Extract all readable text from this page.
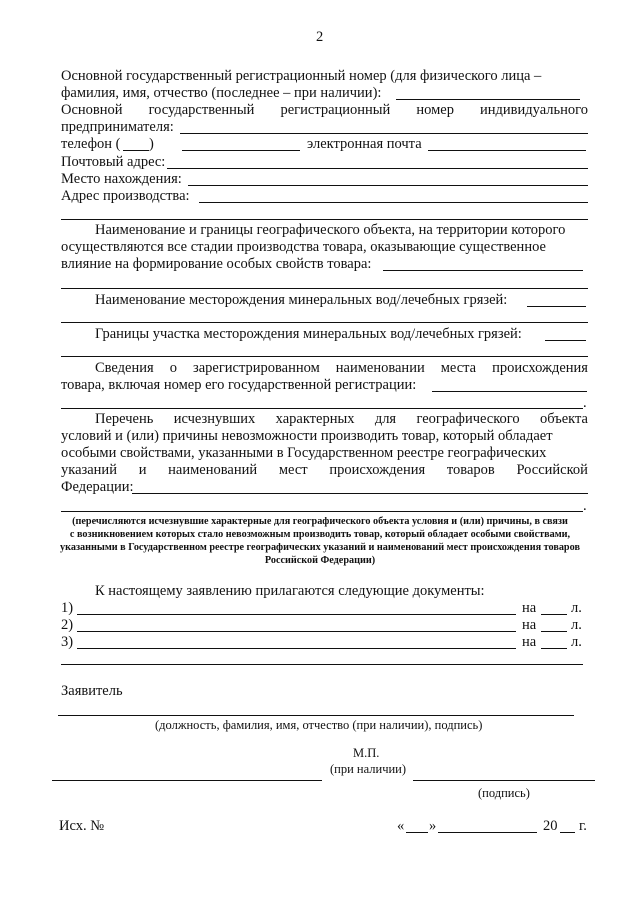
2
Основной государственный регистрационный номер (для физического лица –
фамилия, имя, отчество (последнее – при наличии):
Основной государственный регистрационный номер индивидуального
предпринимателя:
телефон ( )	электронная почта
Почтовый адрес:
Место нахождения:
Адрес производства:
Наименование и границы географического объекта, на территории которого
осуществляются все стадии производства товара, оказывающие существенное
влияние на формирование особых свойств товара:
Наименование месторождения минеральных вод/лечебных грязей:
Границы участка месторождения минеральных вод/лечебных грязей:
Сведения о зарегистрированном наименовании места происхождения
товара, включая номер его государственной регистрации:
.
Перечень исчезнувших характерных для географического объекта
условий и (или) причины невозможности производить товар, который обладает
особыми свойствами, указанными в Государственном реестре географических
указаний и наименований мест происхождения товаров Российской
Федерации:
.
(перечисляются исчезнувшие характерные для географического объекта условия и (или) причины, в связи
с возникновением которых стало невозможным производить товар, который обладает особыми свойствами,
указанными в Государственном реестре географических указаний и наименований мест происхождения товаров
Российской Федерации)
К настоящему заявлению прилагаются следующие документы:
1)	на л.
2)	на л.
3)	на л.
Заявитель
(должность, фамилия, имя, отчество (при наличии), подпись)
М.П.
(при наличии)
(подпись)
Исх. №	« »	20 г.
